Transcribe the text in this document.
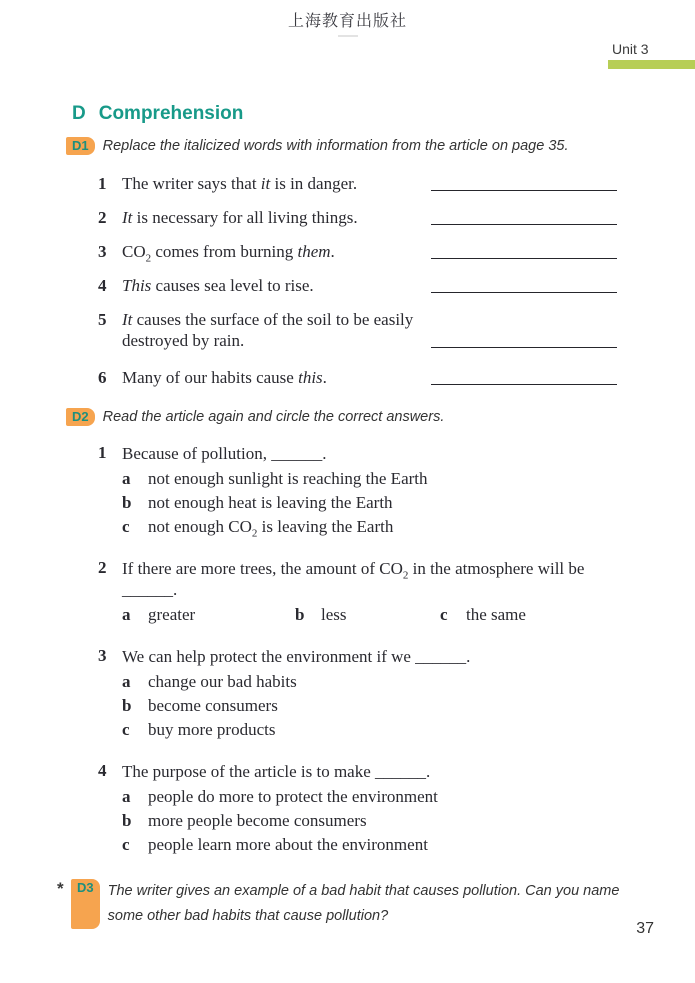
上海教育出版社
Unit 3
D Comprehension
D1 Replace the italicized words with information from the article on page 35.
1 The writer says that it is in danger.
2 It is necessary for all living things.
3 $CO_2$ comes from burning them.
4 This causes sea level to rise.
5 It causes the surface of the soil to be easily destroyed by rain.
6 Many of our habits cause this.
D2 Read the article again and circle the correct answers.
1 Because of pollution, ______.
a	not enough sunlight is reaching the Earth
b not enough heat is leaving the Earth
c	not enough $CO_2$ is leaving the Earth
2 If there are more trees, the amount of $CO_2$ in the atmosphere will be
______.
a	greater	b less	c	the same
3 We can help protect the environment if we ______.
a	change our bad habits
b become consumers
c	buy more products
4 The purpose of the article is to make ______.
a	people do more to protect the environment
b more people become consumers
c	people learn more about the environment
*	D3 The writer gives an example of a bad habit that causes pollution. Can you name some other bad habits that cause pollution?
37
